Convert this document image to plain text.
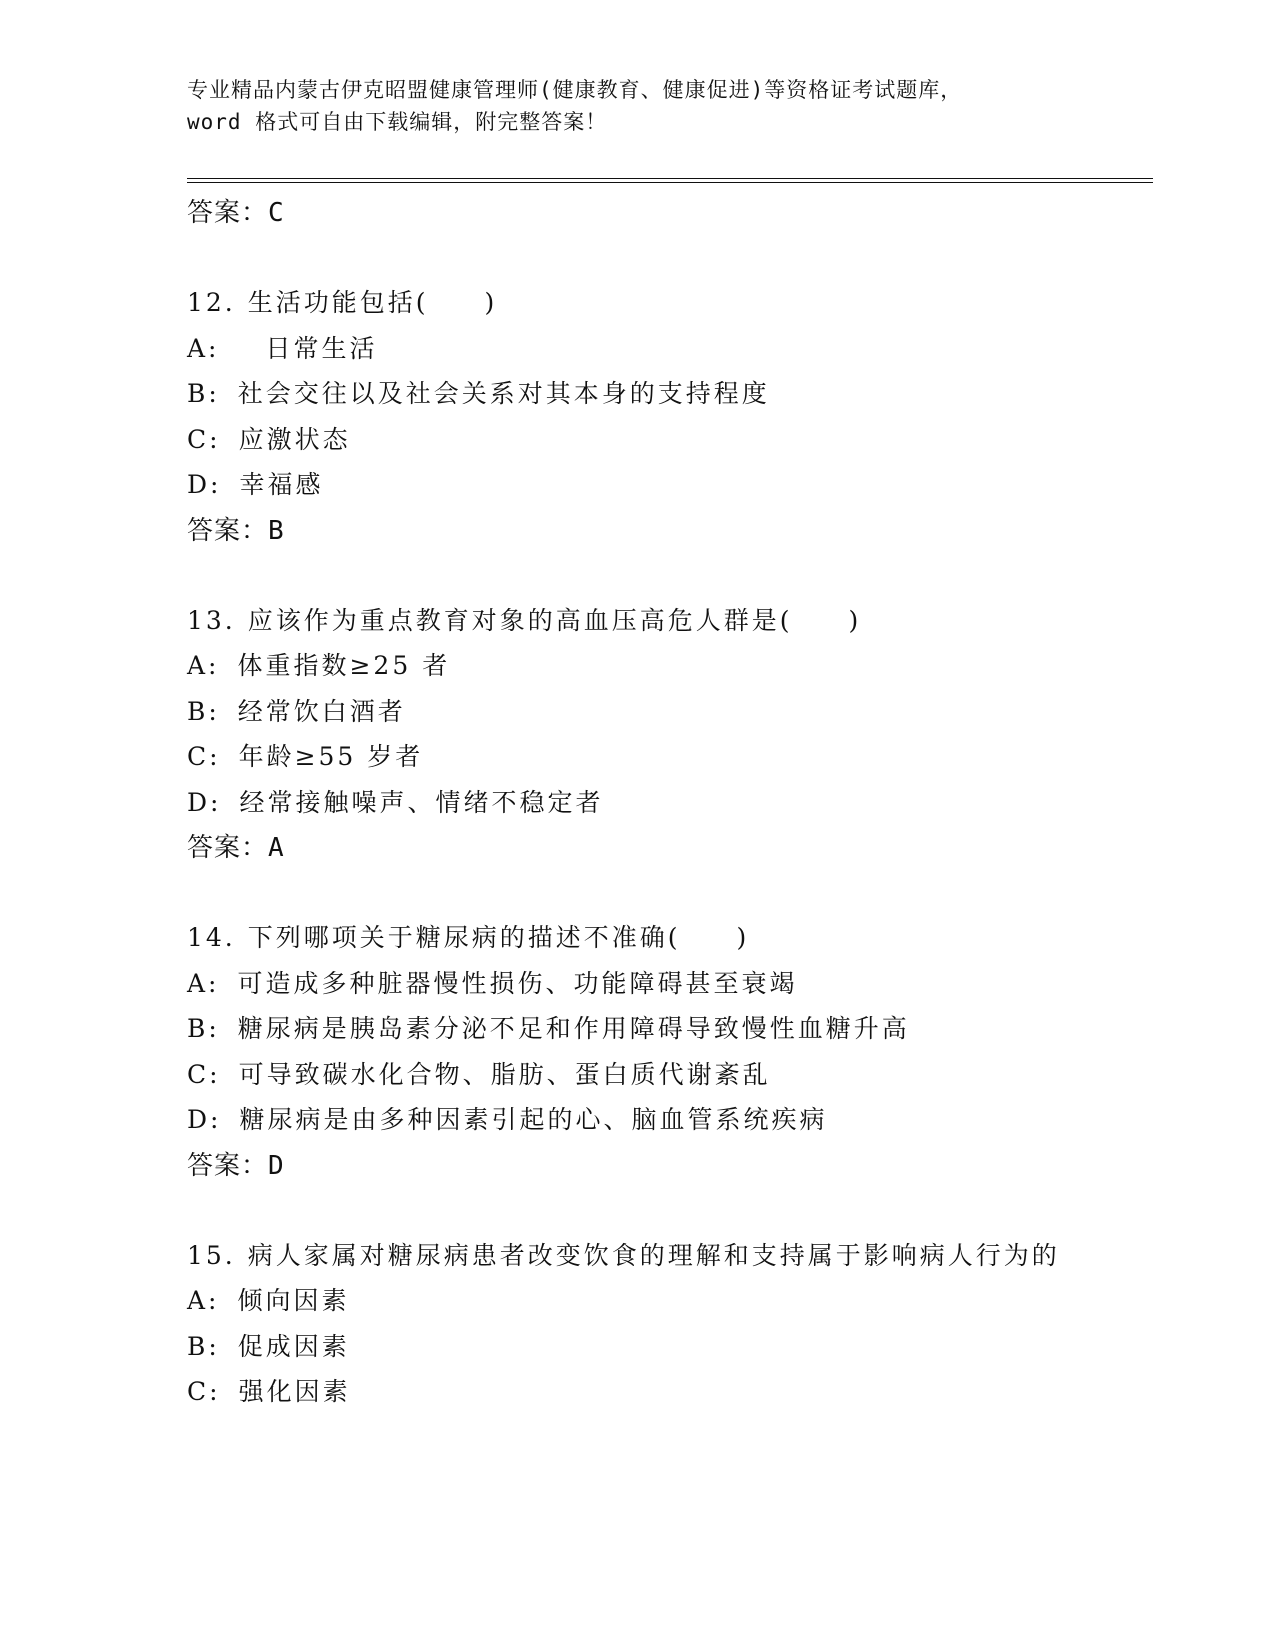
专业精品内蒙古伊克昭盟健康管理师(健康教育、健康促进)等资格证考试题库，
word 格式可自由下载编辑，附完整答案！
答案：C
12. 生活功能包括(　　)
A:　日常生活
B: 社会交往以及社会关系对其本身的支持程度
C: 应激状态
D: 幸福感
答案：B
13. 应该作为重点教育对象的高血压高危人群是(　　)
A: 体重指数≥25 者
B: 经常饮白酒者
C: 年龄≥55 岁者
D: 经常接触噪声、情绪不稳定者
答案：A
14. 下列哪项关于糖尿病的描述不准确(　　)
A: 可造成多种脏器慢性损伤、功能障碍甚至衰竭
B: 糖尿病是胰岛素分泌不足和作用障碍导致慢性血糖升高
C: 可导致碳水化合物、脂肪、蛋白质代谢紊乱
D: 糖尿病是由多种因素引起的心、脑血管系统疾病
答案：D
15. 病人家属对糖尿病患者改变饮食的理解和支持属于影响病人行为的
A: 倾向因素
B: 促成因素
C: 强化因素
